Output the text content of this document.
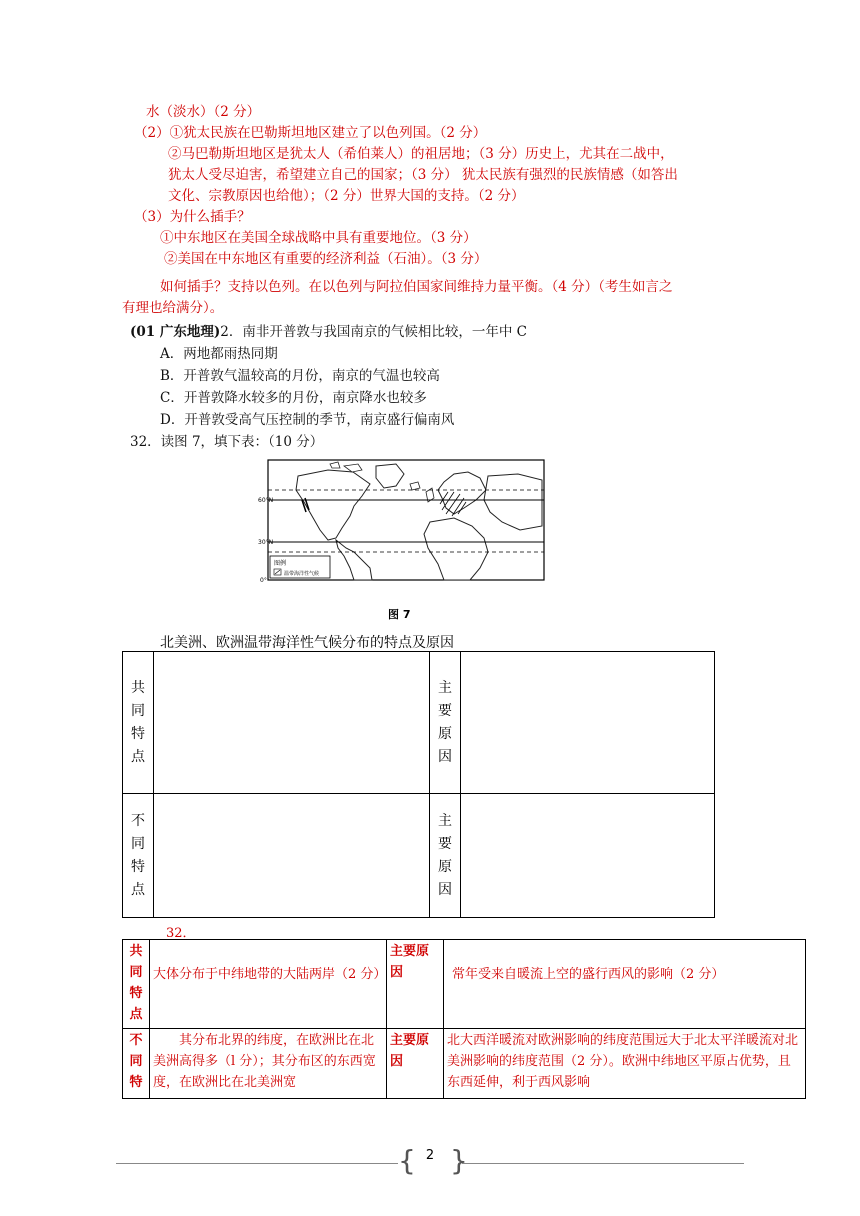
水（淡水）（2 分）
（2）①犹太民族在巴勒斯坦地区建立了以色列国。（2 分）
②马巴勒斯坦地区是犹太人（希伯莱人）的祖居地；（3 分）历史上，尤其在二战中，
犹太人受尽迫害，希望建立自己的国家；（3 分） 犹太民族有强烈的民族情感（如答出
文化、宗教原因也给他）；（2 分）世界大国的支持。（2 分）
（3）为什么插手？
①中东地区在美国全球战略中具有重要地位。（3 分）
②美国在中东地区有重要的经济利益（石油）。（3 分）
如何插手？支持以色列。在以色列与阿拉伯国家间维持力量平衡。（4 分）（考生如言之
有理也给满分）。
(01 广东地理)2．南非开普敦与我国南京的气候相比较，一年中 C
A．两地都雨热同期
B．开普敦气温较高的月份，南京的气温也较高
C．开普敦降水较多的月份，南京降水也较多
D．开普敦受高气压控制的季节，南京盛行偏南风
32．读图 7，填下表：（10 分）
60°N
30°N
0°
图例
温带海洋性气候
图 7
北美洲、欧洲温带海洋性气候分布的特点及原因
共同特点		主要原因	
不同特点		主要原因	
32．
共同特点	大体分布于中纬地带的大陆两岸（2 分）	主要原因	常年受来自暖流上空的盛行西风的影响（2 分）
不同特	其分布北界的纬度，在欧洲比在北美洲高得多（l 分）；其分布区的东西宽度，在欧洲比在北美洲宽	主要原因	北大西洋暖流对欧洲影响的纬度范围远大于北太平洋暖流对北美洲影响的纬度范围（2 分）。欧洲中纬地区平原占优势，且东西延伸，利于西风影响
{ }
2
